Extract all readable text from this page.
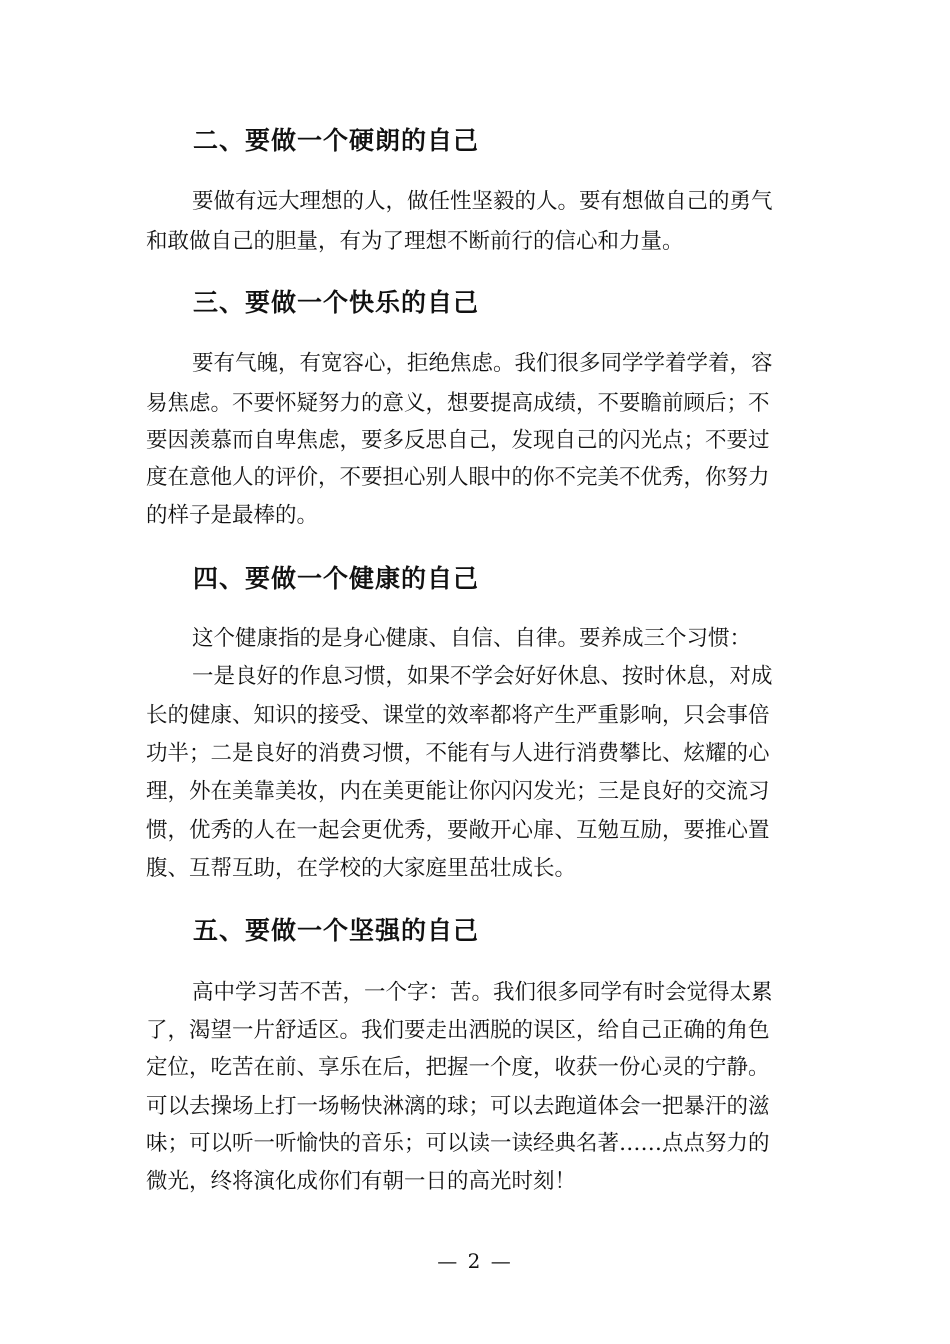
二、要做一个硬朗的自己

要做有远大理想的人，做任性坚毅的人。要有想做自己的勇气

和敢做自己的胆量，有为了理想不断前行的信心和力量。

三、要做一个快乐的自己

要有气魄，有宽容心，拒绝焦虑。我们很多同学学着学着，容

易焦虑。不要怀疑努力的意义，想要提高成绩，不要瞻前顾后；不

要因羡慕而自卑焦虑，要多反思自己，发现自己的闪光点；不要过

度在意他人的评价，不要担心别人眼中的你不完美不优秀，你努力

的样子是最棒的。

四、要做一个健康的自己

这个健康指的是身心健康、自信、自律。要养成三个习惯：

一是良好的作息习惯，如果不学会好好休息、按时休息，对成

长的健康、知识的接受、课堂的效率都将产生严重影响，只会事倍

功半；二是良好的消费习惯，不能有与人进行消费攀比、炫耀的心

理，外在美靠美妆，内在美更能让你闪闪发光；三是良好的交流习

惯，优秀的人在一起会更优秀，要敞开心扉、互勉互励，要推心置

腹、互帮互助，在学校的大家庭里茁壮成长。

五、要做一个坚强的自己

高中学习苦不苦，一个字：苦。我们很多同学有时会觉得太累

了，渴望一片舒适区。我们要走出洒脱的误区，给自己正确的角色

定位，吃苦在前、享乐在后，把握一个度，收获一份心灵的宁静。

可以去操场上打一场畅快淋漓的球；可以去跑道体会一把暴汗的滋

味；可以听一听愉快的音乐；可以读一读经典名著……点点努力的

微光，终将演化成你们有朝一日的高光时刻！

— 2 —
